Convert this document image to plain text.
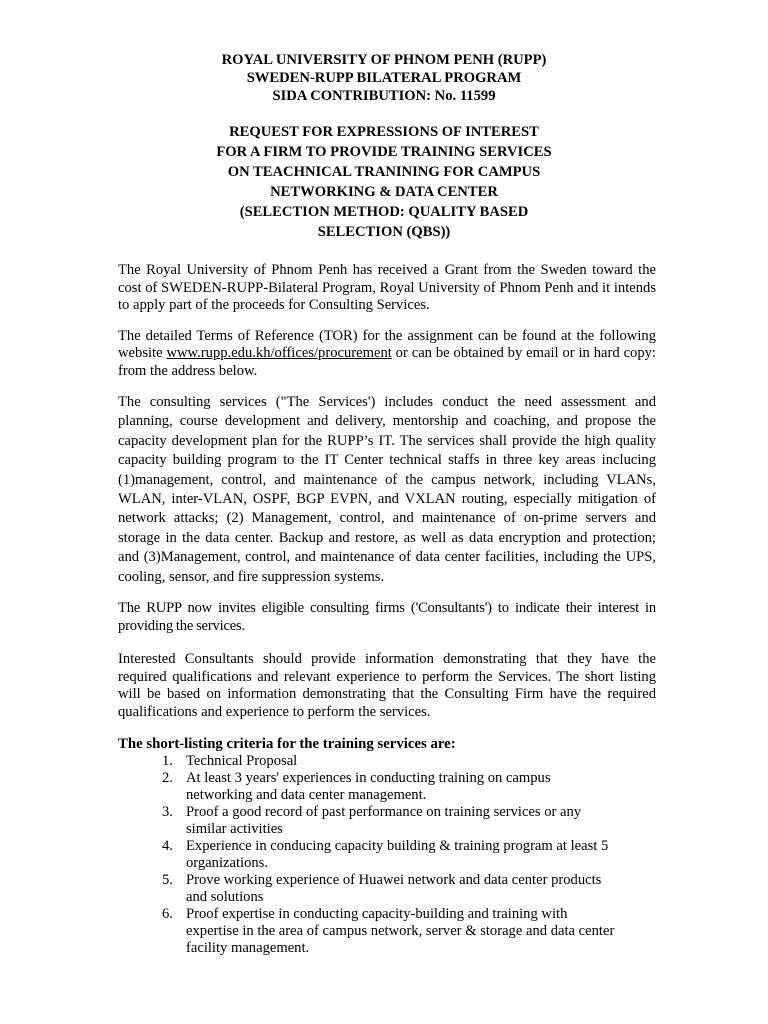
ROYAL UNIVERSITY OF PHNOM PENH (RUPP)
SWEDEN-RUPP BILATERAL PROGRAM
SIDA CONTRIBUTION: No. 11599
REQUEST FOR EXPRESSIONS OF INTEREST
FOR A FIRM TO PROVIDE TRAINING SERVICES
ON TEACHNICAL TRANINING FOR CAMPUS
NETWORKING & DATA CENTER
(SELECTION METHOD: QUALITY BASED
SELECTION (QBS))

The Royal University of Phnom Penh has received a Grant from the Sweden toward the cost of SWEDEN-RUPP-Bilateral Program, Royal University of Phnom Penh and it intends to apply part of the proceeds for Consulting Services.

The detailed Terms of Reference (TOR) for the assignment can be found at the following website www.rupp.edu.kh/offices/procurement or can be obtained by email or in hard copy: from the address below.

The consulting services ("The Services') includes conduct the need assessment and planning, course development and delivery, mentorship and coaching, and propose the capacity development plan for the RUPP’s IT. The services shall provide the high quality capacity building program to the IT Center technical staffs in three key areas inclucing (1)management, control, and maintenance of the campus network, including VLANs, WLAN, inter-VLAN, OSPF, BGP EVPN, and VXLAN routing, especially mitigation of network attacks; (2) Management, control, and maintenance of on-prime servers and storage in the data center. Backup and restore, as well as data encryption and protection; and (3)Management, control, and maintenance of data center facilities, including the UPS, cooling, sensor, and fire suppression systems.

The RUPP now invites eligible consulting firms ('Consultants') to indicate their interest in providing the services.

Interested Consultants should provide information demonstrating that they have the required qualifications and relevant experience to perform the Services. The short listing will be based on information demonstrating that the Consulting Firm have the required qualifications and experience to perform the services.

The short-listing criteria for the training services are:
1. Technical Proposal
2. At least 3 years' experiences in conducting training on campus networking and data center management.
3. Proof a good record of past performance on training services or any similar activities
4. Experience in conducing capacity building & training program at least 5 organizations.
5. Prove working experience of Huawei network and data center products and solutions
6. Proof expertise in conducting capacity-building and training with expertise in the area of campus network, server & storage and data center facility management.
